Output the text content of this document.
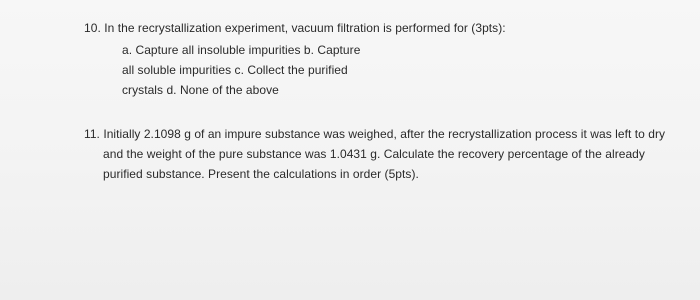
10. In the recrystallization experiment, vacuum filtration is performed for (3pts):
a. Capture all insoluble impurities b. Capture
all soluble impurities c. Collect the purified
crystals d. None of the above
11. Initially 2.1098 g of an impure substance was weighed, after the recrystallization process it was left to dry
and the weight of the pure substance was 1.0431 g. Calculate the recovery percentage of the already
purified substance. Present the calculations in order (5pts).
